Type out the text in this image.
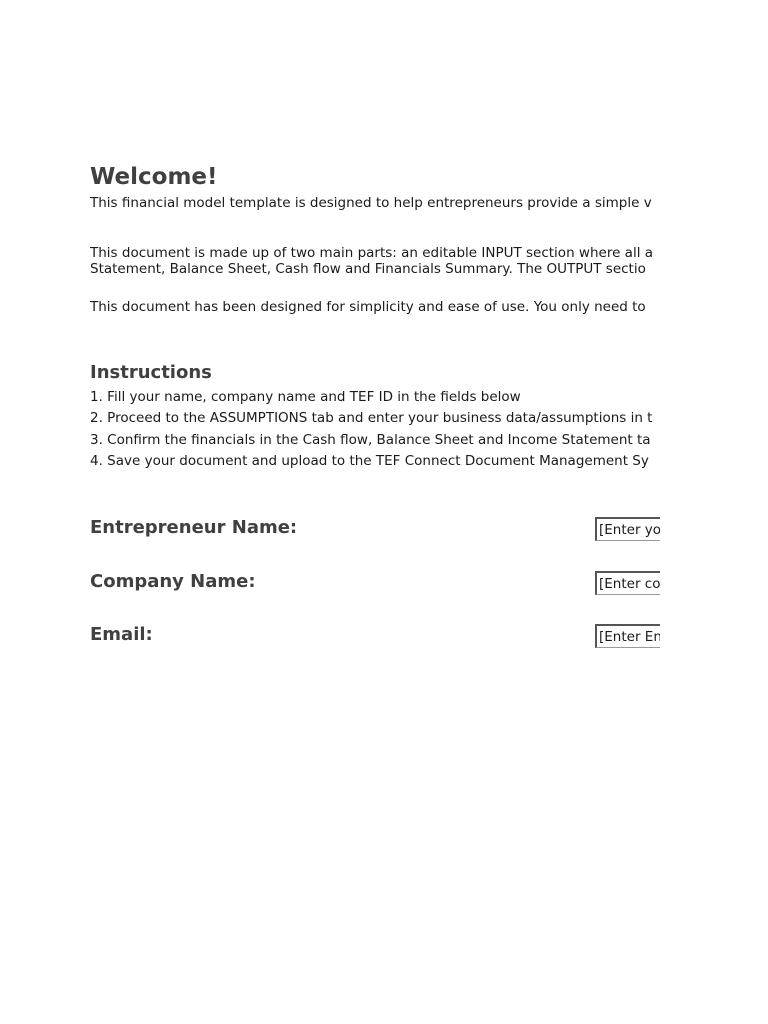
Welcome!
This financial model template is designed to help entrepreneurs provide a simple v
This document is made up of two main parts: an editable INPUT section where all a
Statement, Balance Sheet, Cash flow and Financials Summary. The OUTPUT sectio
This document has been designed for simplicity and ease of use. You only need to
Instructions
1. Fill your name, company name and TEF ID in the fields below
2. Proceed to the ASSUMPTIONS tab and enter your business data/assumptions in t
3. Confirm the financials in the Cash flow, Balance Sheet and Income Statement ta
4. Save your document and upload to the TEF Connect Document Management Sy
Entrepreneur Name:
[Enter yo
Company Name:
[Enter co
Email:
[Enter En
